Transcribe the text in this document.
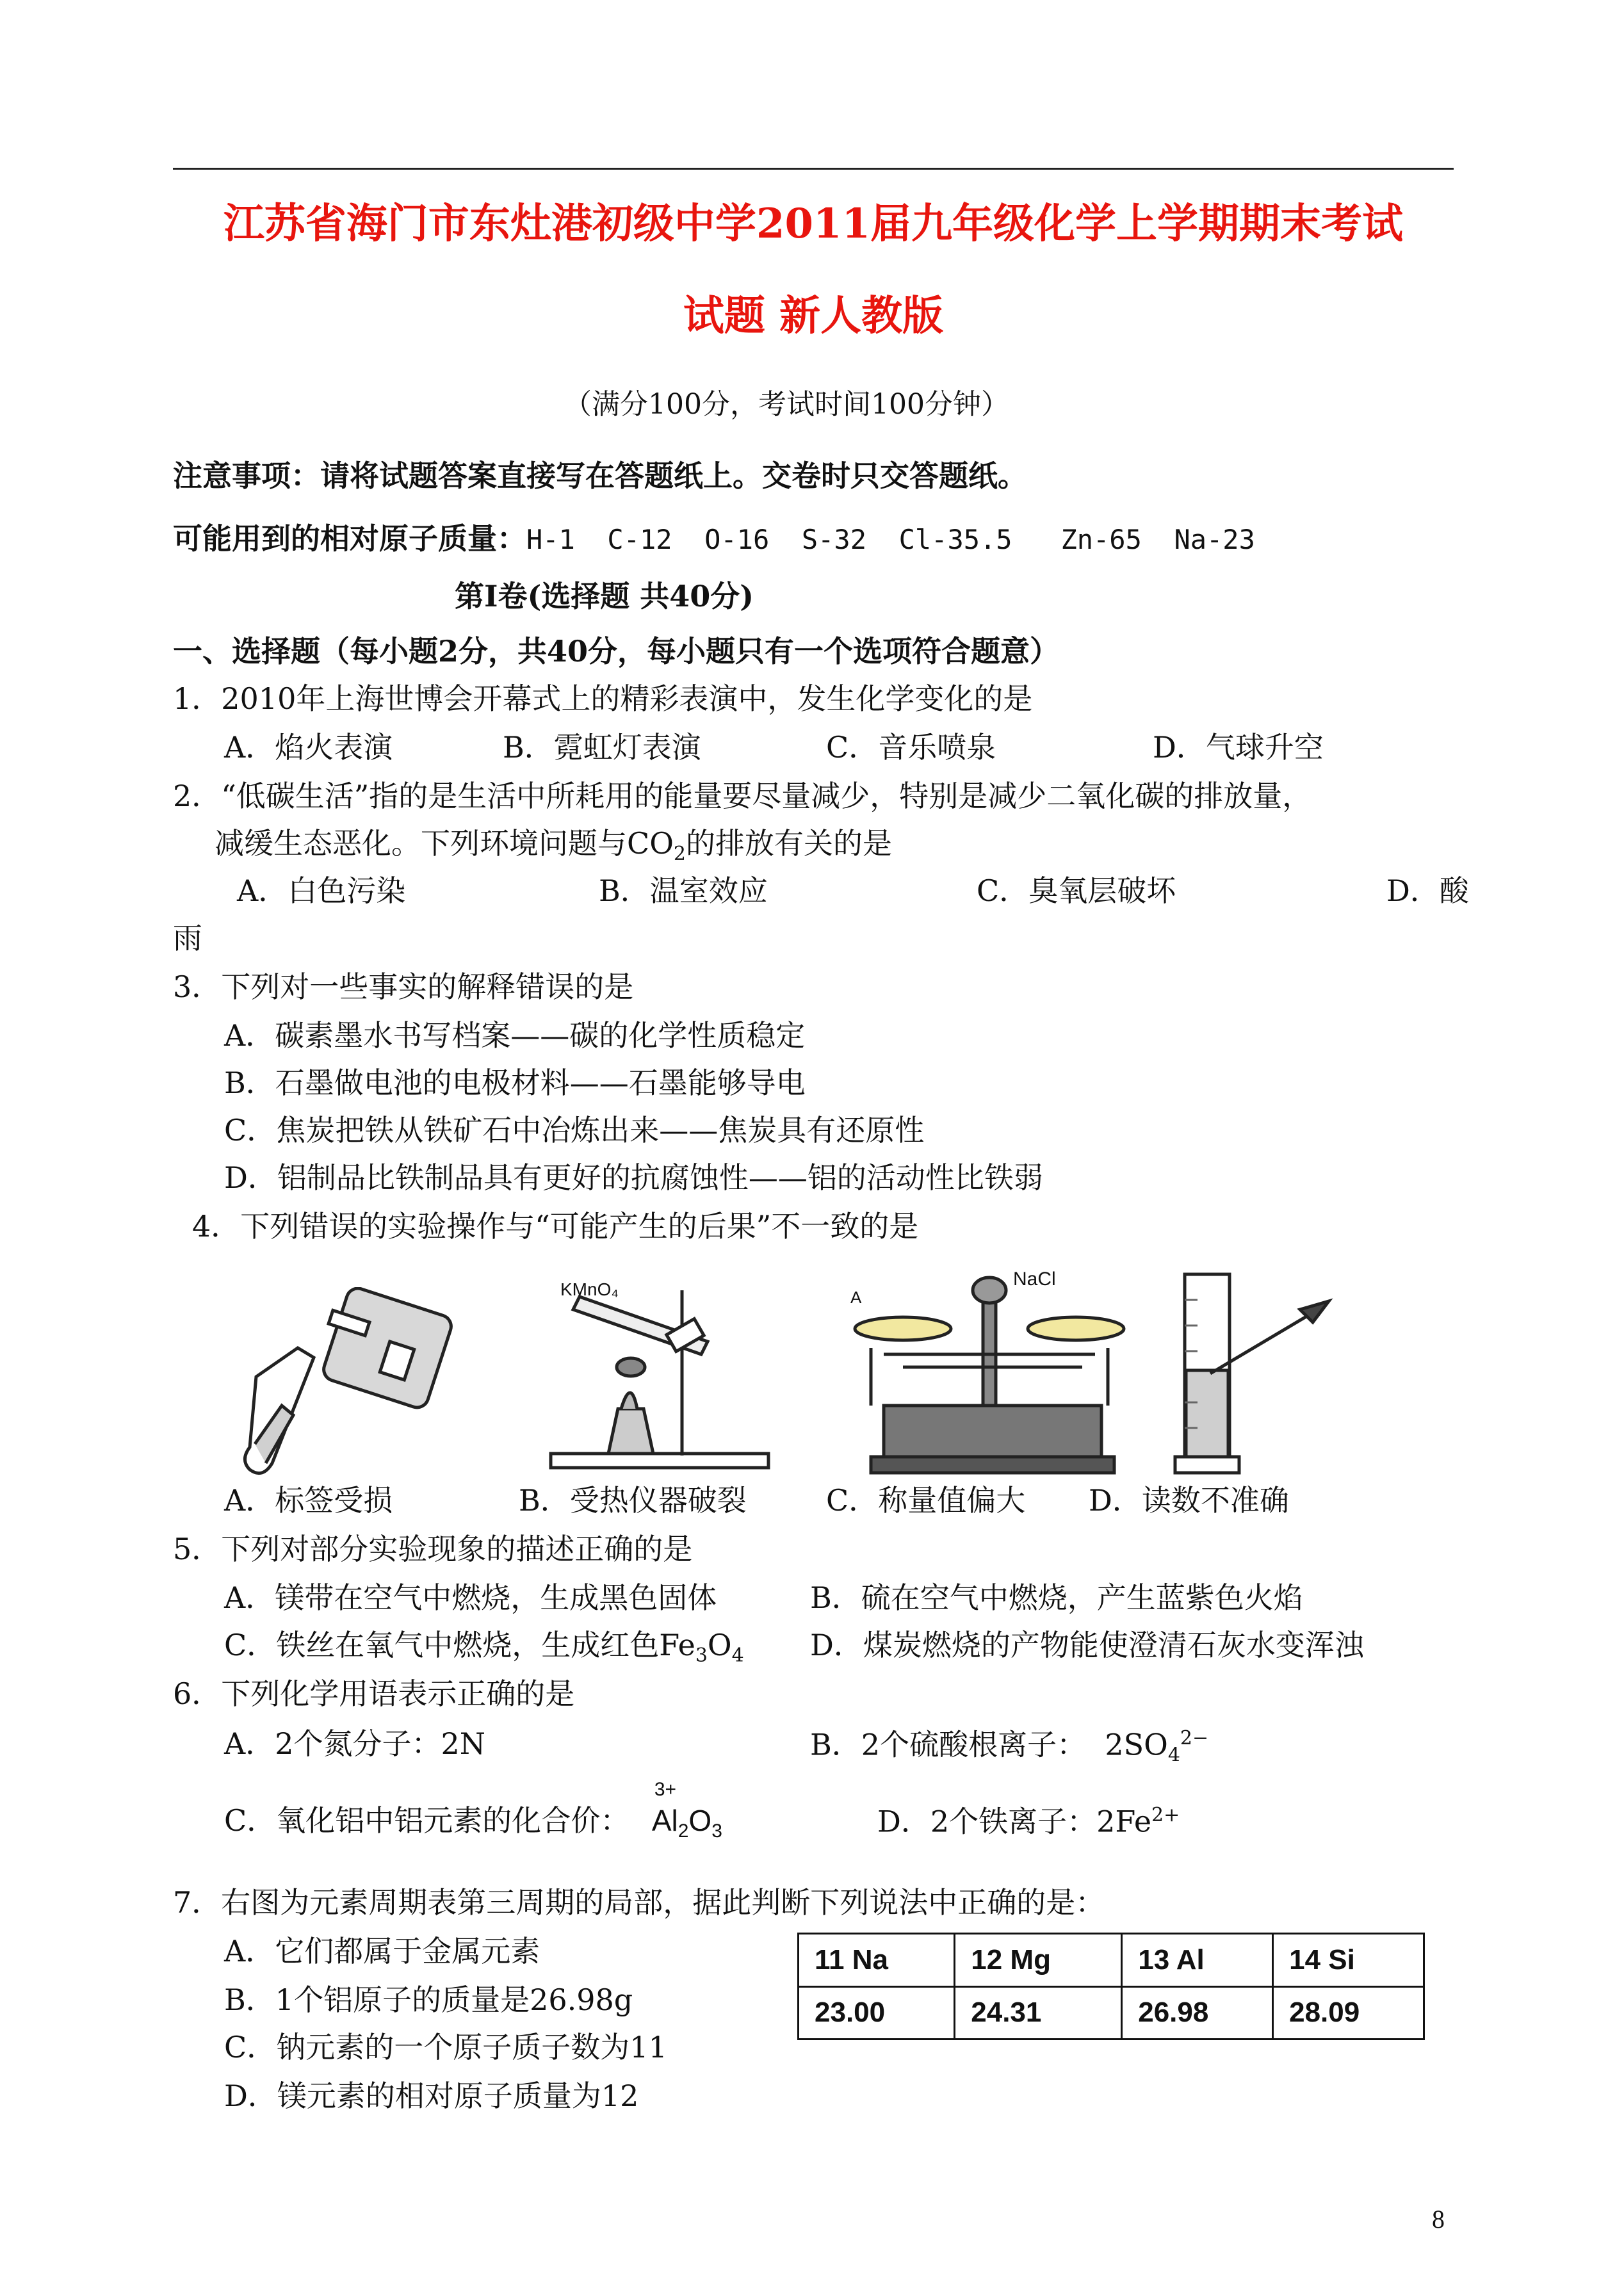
江苏省海门市东灶港初级中学2011届九年级化学上学期期末考试
试题 新人教版
（满分100分，考试时间100分钟）
注意事项：请将试题答案直接写在答题纸上。交卷时只交答题纸。
可能用到的相对原子质量：H-1  C-12  O-16  S-32  Cl-35.5   Zn-65  Na-23
第Ⅰ卷(选择题 共40分)
一、选择题（每小题2分，共40分，每小题只有一个选项符合题意）
1．2010年上海世博会开幕式上的精彩表演中，发生化学变化的是
A．焰火表演	B．霓虹灯表演	C．音乐喷泉	D．气球升空
2．“低碳生活”指的是生活中所耗用的能量要尽量减少，特别是减少二氧化碳的排放量，
减缓生态恶化。下列环境问题与$CO_2$的排放有关的是
A．白色污染	B．温室效应	C．臭氧层破坏	D．酸
雨
3．下列对一些事实的解释错误的是
A．碳素墨水书写档案——碳的化学性质稳定
B．石墨做电池的电极材料——石墨能够导电
C．焦炭把铁从铁矿石中冶炼出来——焦炭具有还原性
D．铝制品比铁制品具有更好的抗腐蚀性——铝的活动性比铁弱
4．下列错误的实验操作与“可能产生的后果”不一致的是
KMnO₄	NaCl
A
A．标签受损	B．受热仪器破裂	C．称量值偏大 D．读数不准确
5．下列对部分实验现象的描述正确的是
A．镁带在空气中燃烧，生成黑色固体	B．硫在空气中燃烧，产生蓝紫色火焰
C．铁丝在氧气中燃烧，生成红色$Fe_3O_4$ D．煤炭燃烧的产物能使澄清石灰水变浑浊
6．下列化学用语表示正确的是
A．2个氮分子：2N	B．2个硫酸根离子：  $2SO_4^{2-}$
C．氧化铝中铝元素的化合价：
3+
$Al_2O_3$	D．2个铁离子：$2Fe^{2+}$
7．右图为元素周期表第三周期的局部，据此判断下列说法中正确的是：
A．它们都属于金属元素
B．1个铝原子的质量是26.98g
C．钠元素的一个原子质子数为11
D．镁元素的相对原子质量为12
11 Na	12 Mg	13 Al	14 Si
23.00	24.31	26.98	28.09
8
